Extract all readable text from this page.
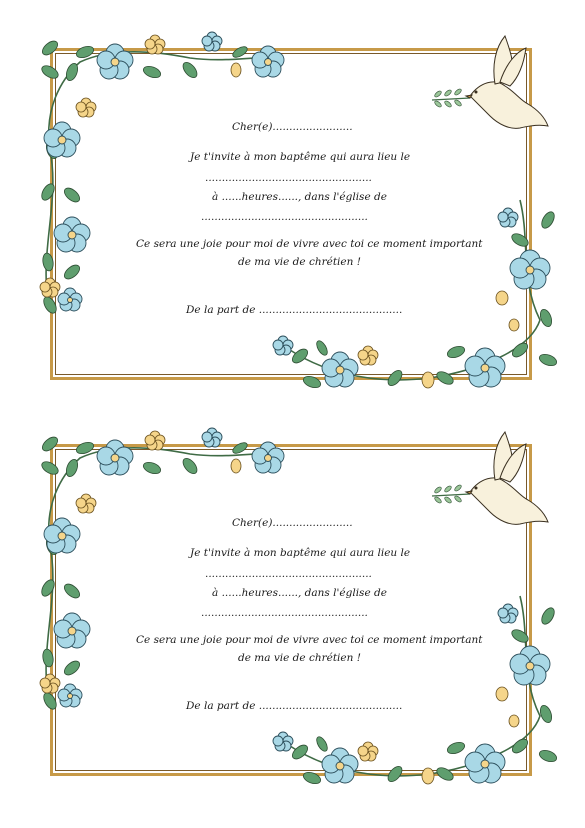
Cher(e)........................
Je t'invite à mon baptême qui aura lieu le
..................................................
à ......heures......, dans l'église de
..................................................
Ce sera une joie pour moi de vivre avec toi ce moment important
de ma vie de chrétien !
De la part de ...........................................
Cher(e)........................
Je t'invite à mon baptême qui aura lieu le
..................................................
à ......heures......, dans l'église de
..................................................
Ce sera une joie pour moi de vivre avec toi ce moment important
de ma vie de chrétien !
De la part de ...........................................
